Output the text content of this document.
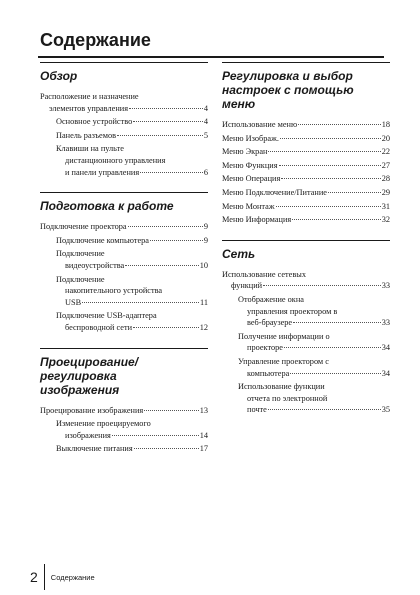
Содержание
Обзор
Расположение и назначение
элементов управления	4
Основное устройство	4
Панель разъемов	5
Клавиши на пульте
дистанционного управления
и панели управления	6
Подготовка к работе
Подключение проектора	9
Подключение компьютера	9
Подключение
видеоустройства	10
Подключение
накопительного устройства
USB	11
Подключение USB-адаптера
беспроводной сети	12
Проецирование/
регулировка
изображения
Проецирование изображения	13
Изменение проецируемого
изображения	14
Выключение питания	17
Регулировка и выбор
настроек с помощью
меню
Использование меню	18
Меню Изображ.	20
Меню Экран	22
Меню Функция	27
Меню Операция	28
Меню Подключение/Питание	29
Меню Монтаж	31
Меню Информация	32
Сеть
Использование сетевых
функций	33
Отображение окна
управления проектором в
веб-браузере	33
Получение информации о
проекторе	34
Управление проектором с
компьютера	34
Использование функции
отчета по электронной
почте	35
2	Содержание
